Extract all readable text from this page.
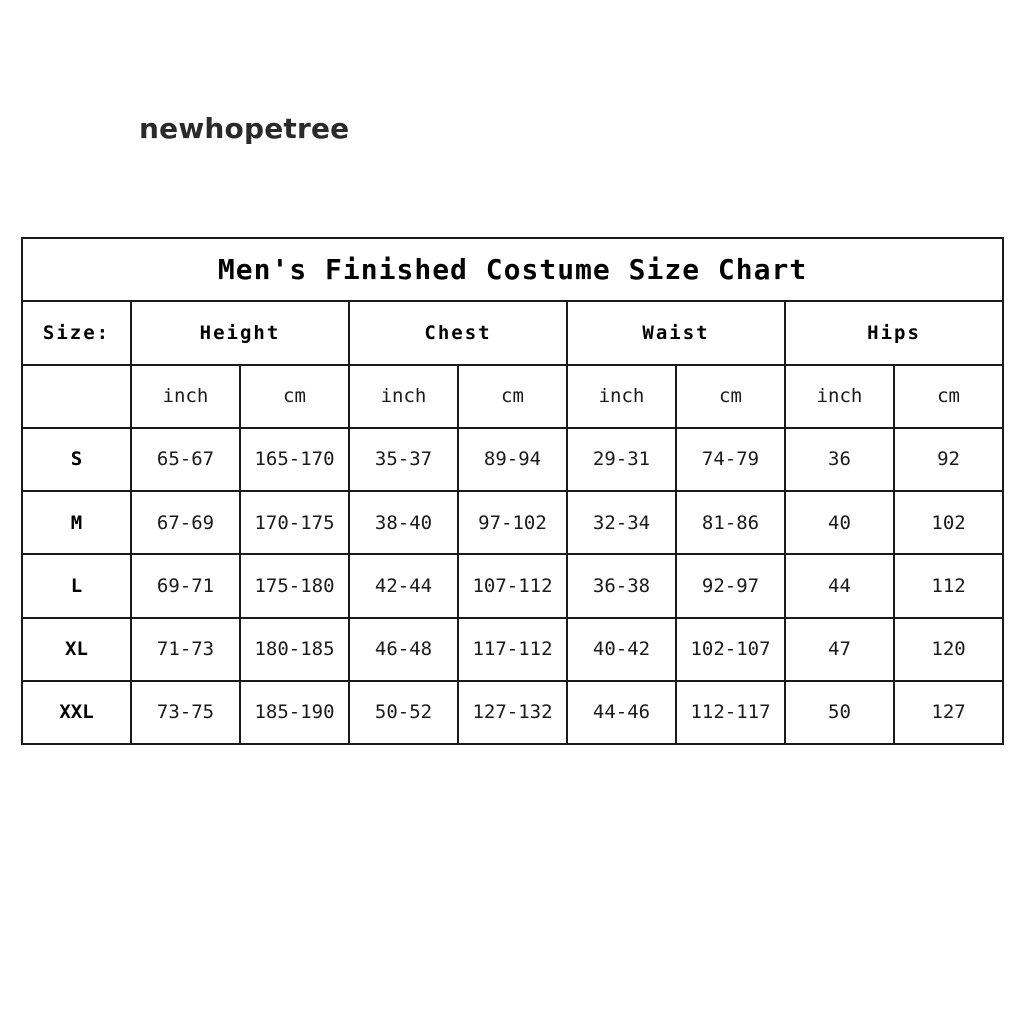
newhopetree
Men's Finished Costume Size Chart								
Size:	Height		Chest		Waist		Hips	
	inch	cm	inch	cm	inch	cm	inch	cm
S	65-67	165-170	35-37	89-94	29-31	74-79	36	92
M	67-69	170-175	38-40	97-102	32-34	81-86	40	102
L	69-71	175-180	42-44	107-112	36-38	92-97	44	112
XL	71-73	180-185	46-48	117-112	40-42	102-107	47	120
XXL	73-75	185-190	50-52	127-132	44-46	112-117	50	127
